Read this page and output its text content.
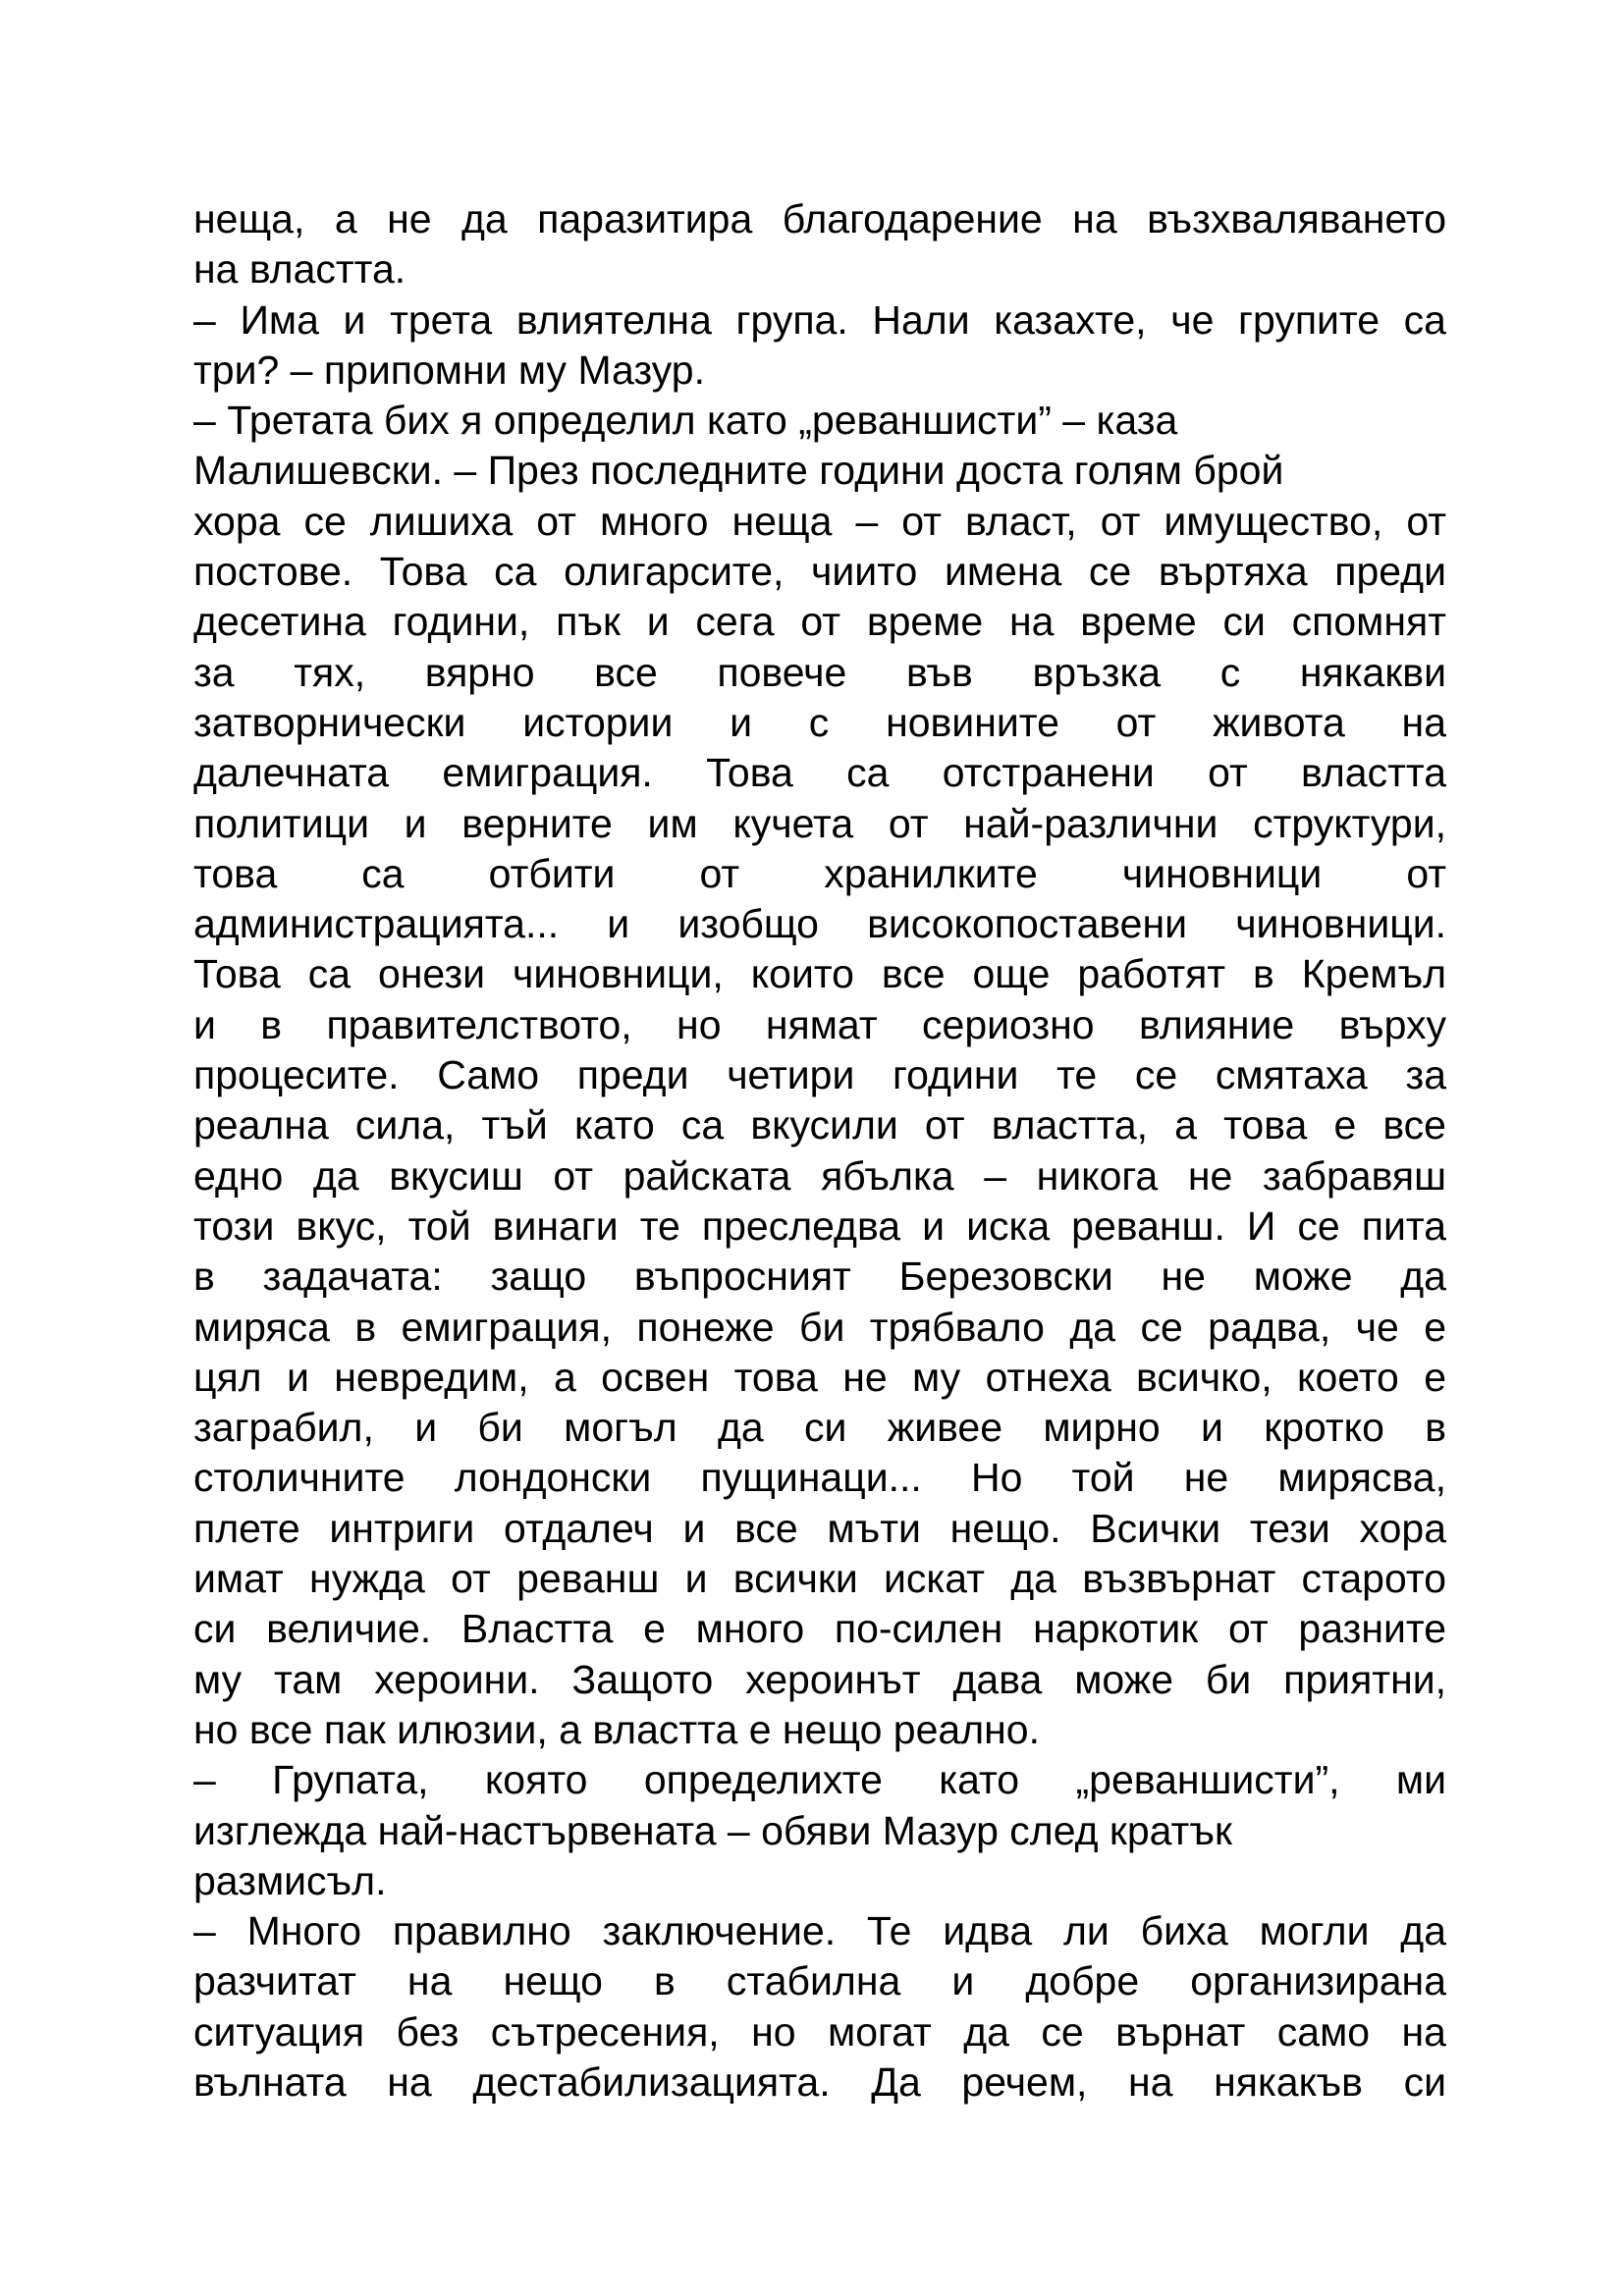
неща, а не да паразитира благодарение на възхваляването
на властта.
– Има и трета влиятелна група. Нали казахте, че групите са
три? – припомни му Мазур.
– Третата бих я определил като „реваншисти” – каза
Малишевски. – През последните години доста голям брой
хора се лишиха от много неща – от власт, от имущество, от
постове. Това са олигарсите, чиито имена се въртяха преди
десетина години, пък и сега от време на време си спомнят
за тях, вярно все повече във връзка с някакви
затворнически истории и с новините от живота на
далечната емиграция. Това са отстранени от властта
политици и верните им кучета от най-различни структури,
това са отбити от хранилките чиновници от
администрацията... и изобщо високопоставени чиновници.
Това са онези чиновници, които все още работят в Кремъл
и в правителството, но нямат сериозно влияние върху
процесите. Само преди четири години те се смятаха за
реална сила, тъй като са вкусили от властта, а това е все
едно да вкусиш от райската ябълка – никога не забравяш
този вкус, той винаги те преследва и иска реванш. И се пита
в задачата: защо въпросният Березовски не може да
миряса в емиграция, понеже би трябвало да се радва, че е
цял и невредим, а освен това не му отнеха всичко, което е
заграбил, и би могъл да си живее мирно и кротко в
столичните лондонски пущинаци... Но той не мирясва,
плете интриги отдалеч и все мъти нещо. Всички тези хора
имат нужда от реванш и всички искат да възвърнат старото
си величие. Властта е много по-силен наркотик от разните
му там хероини. Защото хероинът дава може би приятни,
но все пак илюзии, а властта е нещо реално.
– Групата, която определихте като „реваншисти”, ми
изглежда най-настървената – обяви Мазур след кратък
размисъл.
– Много правилно заключение. Те идва ли биха могли да
разчитат на нещо в стабилна и добре организирана
ситуация без сътресения, но могат да се върнат само на
вълната на дестабилизацията. Да речем, на някакъв си
